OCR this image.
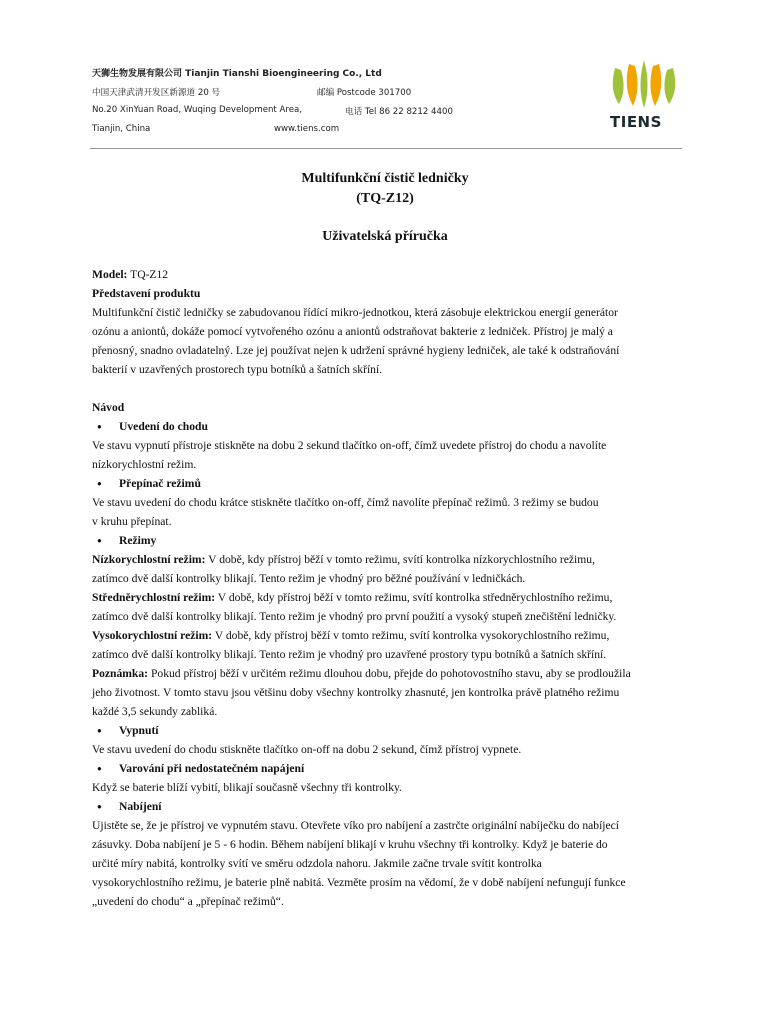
天狮生物发展有限公司 Tianjin Tianshi Bioengineering Co., Ltd
中国天津武清开发区新源道 20 号	邮编 Postcode 301700
No.20 XinYuan Road, Wuqing Development Area,	电话 Tel 86 22 8212 4400
Tianjin, China	www.tiens.com	TIENS
Multifunkční čistič ledničky
(TQ-Z12)
Uživatelská příručka

Model: TQ-Z12

Představení produktu

Multifunkční čistič ledničky se zabudovanou řídící mikro-jednotkou, která zásobuje elektrickou energií generátor

ozónu a aniontů, dokáže pomocí vytvořeného ozónu a aniontů odstraňovat bakterie z ledniček. Přístroj je malý a

přenosný, snadno ovladatelný. Lze jej používat nejen k udržení správné hygieny ledniček, ale také k odstraňování

bakterií v uzavřených prostorech typu botníků a šatních skříní.

Návod

● Uvedení do chodu

Ve stavu vypnutí přístroje stiskněte na dobu 2 sekund tlačítko on-off, čímž uvedete přístroj do chodu a navolíte

nízkorychlostní režim.

● Přepínač režimů

Ve stavu uvedení do chodu krátce stiskněte tlačítko on-off, čímž navolíte přepínač režimů. 3 režimy se budou

v kruhu přepínat.

● Režimy

Nízkorychlostní režim: V době, kdy přístroj běží v tomto režimu, svítí kontrolka nízkorychlostního režimu,

zatímco dvě další kontrolky blikají. Tento režim je vhodný pro běžné používání v ledničkách.

Středněrychlostní režim: V době, kdy přístroj běží v tomto režimu, svítí kontrolka středněrychlostního režimu,

zatímco dvě další kontrolky blikají. Tento režim je vhodný pro první použití a vysoký stupeň znečištění ledničky.

Vysokorychlostní režim: V době, kdy přístroj běží v tomto režimu, svítí kontrolka vysokorychlostního režimu,

zatímco dvě další kontrolky blikají. Tento režim je vhodný pro uzavřené prostory typu botníků a šatních skříní.

Poznámka: Pokud přístroj běží v určitém režimu dlouhou dobu, přejde do pohotovostního stavu, aby se prodloužila

jeho životnost. V tomto stavu jsou většinu doby všechny kontrolky zhasnuté, jen kontrolka právě platného režimu

každé 3,5 sekundy zabliká.

● Vypnutí

Ve stavu uvedení do chodu stiskněte tlačítko on-off na dobu 2 sekund, čímž přístroj vypnete.

● Varování při nedostatečném napájení

Když se baterie blíží vybití, blikají současně všechny tři kontrolky.

● Nabíjení

Ujistěte se, že je přístroj ve vypnutém stavu. Otevřete víko pro nabíjení a zastrčte originální nabíječku do nabíjecí

zásuvky. Doba nabíjení je 5 - 6 hodin. Během nabíjení blikají v kruhu všechny tři kontrolky. Když je baterie do

určité míry nabitá, kontrolky svítí ve směru odzdola nahoru. Jakmile začne trvale svítit kontrolka

vysokorychlostního režimu, je baterie plně nabitá. Vezměte prosím na vědomí, že v době nabíjení nefungují funkce

„uvedení do chodu“ a „přepínač režimů“.
